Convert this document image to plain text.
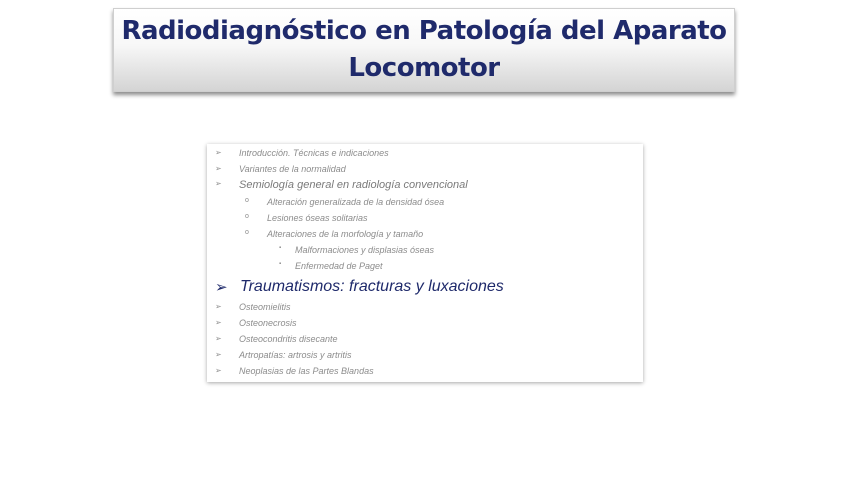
Radiodiagnóstico en Patología del Aparato Locomotor
➢ Introducción. Técnicas e indicaciones
➢ Variantes de la normalidad
➢ Semiología general en radiología convencional
o Alteración generalizada de la densidad ósea
o Lesiones óseas solitarias
o Alteraciones de la morfología y tamaño
▪ Malformaciones y displasias óseas
▪ Enfermedad de Paget
➢ Traumatismos: fracturas y luxaciones
➢ Osteomielitis
➢ Osteonecrosis
➢ Osteocondritis disecante
➢ Artropatías: artrosis y artritis
➢ Neoplasias de las Partes Blandas
